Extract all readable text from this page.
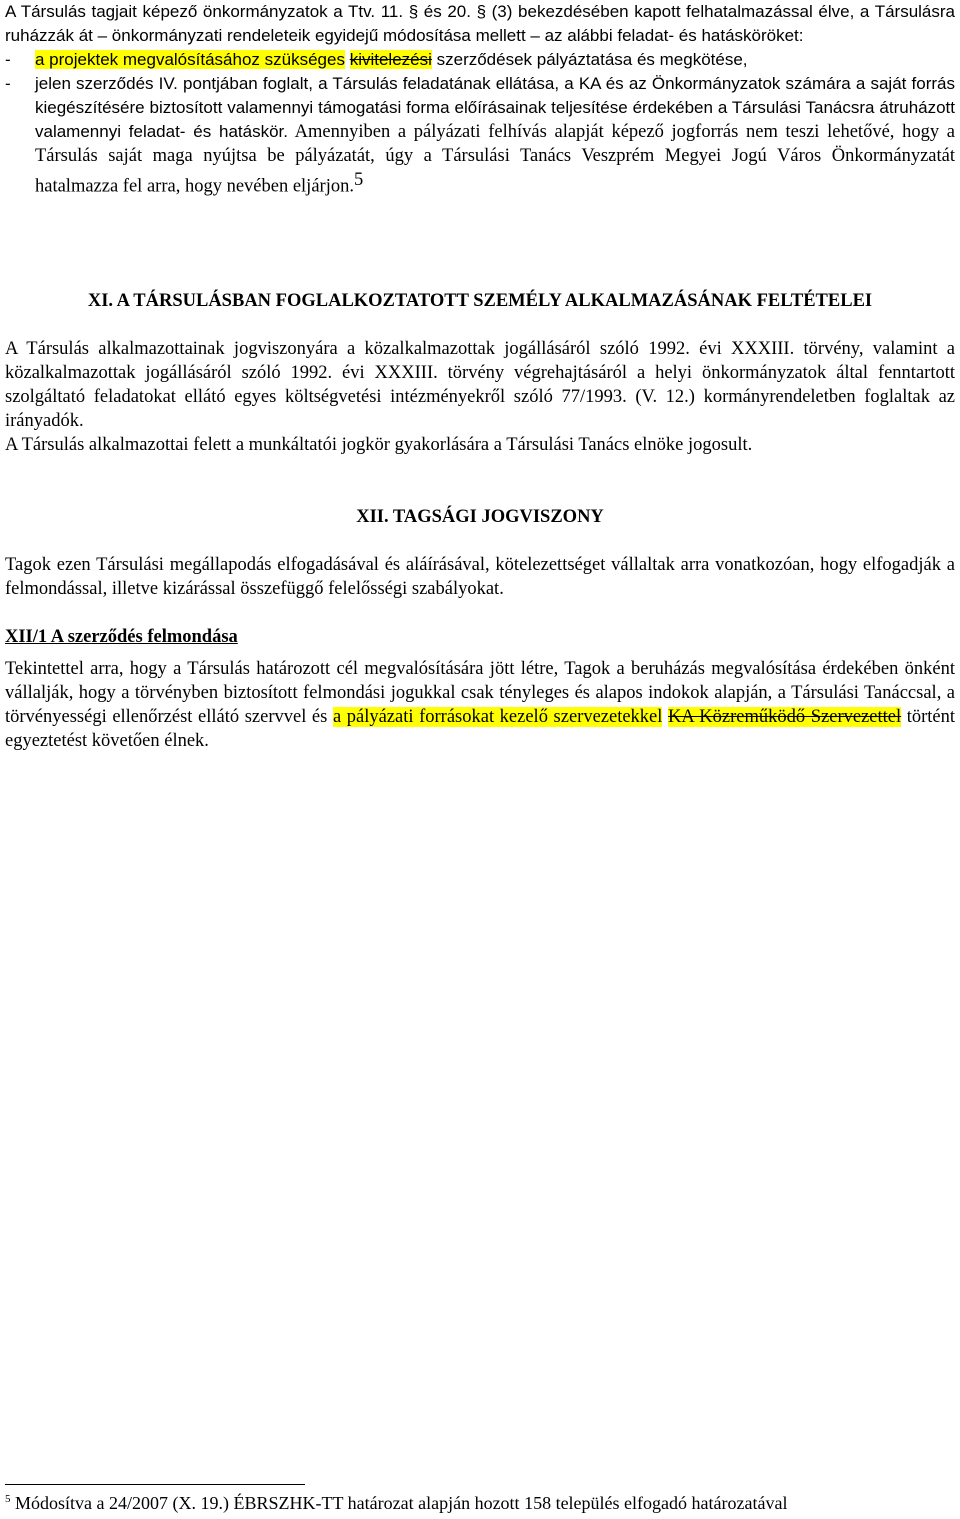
A Társulás tagjait képező önkormányzatok a Ttv. 11. § és 20. § (3) bekezdésében kapott felhatalmazással élve, a Társulásra ruházzák át – önkormányzati rendeleteik egyidejű módosítása mellett – az alábbi feladat- és hatásköröket:
- a projektek megvalósításához szükséges kivitelezési szerződések pályáztatása és megkötése,
- jelen szerződés IV. pontjában foglalt, a Társulás feladatának ellátása, a KA és az Önkormányzatok számára a saját forrás kiegészítésére biztosított valamennyi támogatási forma előírásainak teljesítése érdekében a Társulási Tanácsra átruházott valamennyi feladat- és hatáskör. Amennyiben a pályázati felhívás alapját képező jogforrás nem teszi lehetővé, hogy a Társulás saját maga nyújtsa be pályázatát, úgy a Társulási Tanács Veszprém Megyei Jogú Város Önkormányzatát hatalmazza fel arra, hogy nevében eljárjon.$^5$
XI. A TÁRSULÁSBAN FOGLALKOZTATOTT SZEMÉLY ALKALMAZÁSÁNAK FELTÉTELEI
A Társulás alkalmazottainak jogviszonyára a közalkalmazottak jogállásáról szóló 1992. évi XXXIII. törvény, valamint a közalkalmazottak jogállásáról szóló 1992. évi XXXIII. törvény végrehajtásáról a helyi önkormányzatok által fenntartott szolgáltató feladatokat ellátó egyes költségvetési intézményekről szóló 77/1993. (V. 12.) kormányrendeletben foglaltak az irányadók.
A Társulás alkalmazottai felett a munkáltatói jogkör gyakorlására a Társulási Tanács elnöke jogosult.
XII. TAGSÁGI JOGVISZONY
Tagok ezen Társulási megállapodás elfogadásával és aláírásával, kötelezettséget vállaltak arra vonatkozóan, hogy elfogadják a felmondással, illetve kizárással összefüggő felelősségi szabályokat.
XII/1 A szerződés felmondása
Tekintettel arra, hogy a Társulás határozott cél megvalósítására jött létre, Tagok a beruházás megvalósítása érdekében önként vállalják, hogy a törvényben biztosított felmondási jogukkal csak tényleges és alapos indokok alapján, a Társulási Tanáccsal, a törvényességi ellenőrzést ellátó szervvel és a pályázati forrásokat kezelő szervezetekkel KA Közreműködő Szervezettel történt egyeztetést követően élnek.
$^5$ Módosítva a 24/2007 (X. 19.) ÉBRSZHK-TT határozat alapján hozott 158 település elfogadó határozatával
